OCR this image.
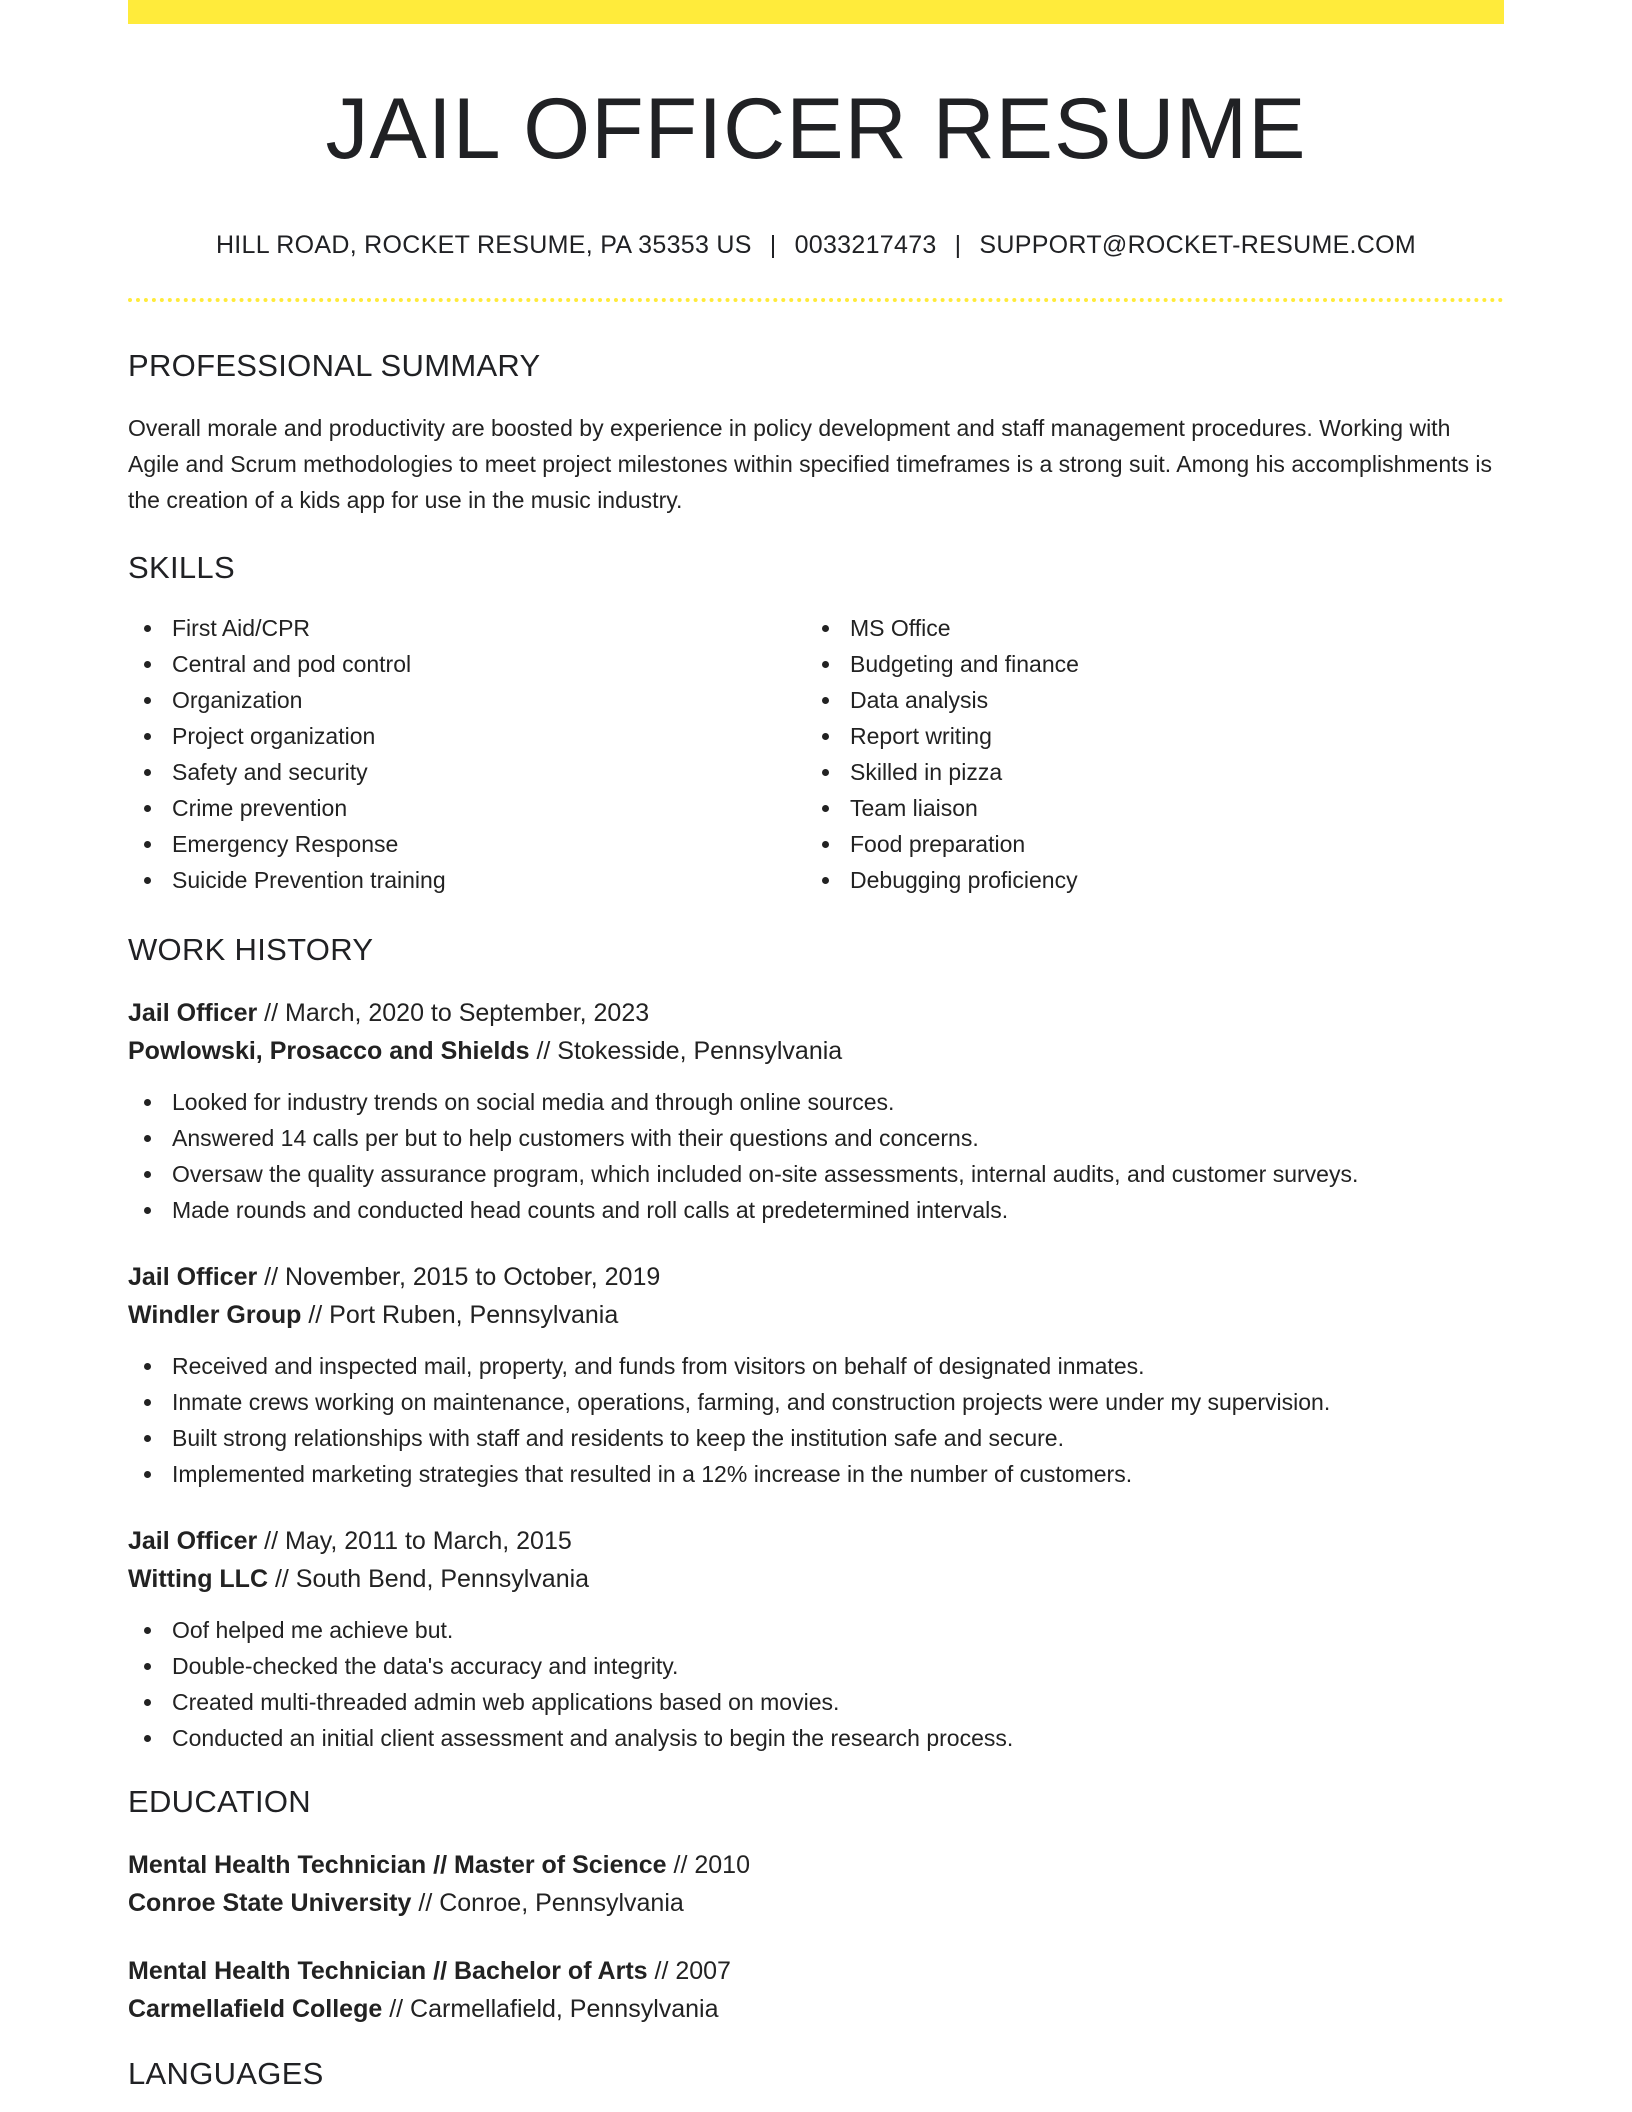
JAIL OFFICER RESUME
HILL ROAD, ROCKET RESUME, PA 35353 US | 0033217473 | SUPPORT@ROCKET-RESUME.COM
PROFESSIONAL SUMMARY
Overall morale and productivity are boosted by experience in policy development and staff management procedures. Working with Agile and Scrum methodologies to meet project milestones within specified timeframes is a strong suit. Among his accomplishments is the creation of a kids app for use in the music industry.
SKILLS
First Aid/CPR
Central and pod control
Organization
Project organization
Safety and security
Crime prevention
Emergency Response
Suicide Prevention training
MS Office
Budgeting and finance
Data analysis
Report writing
Skilled in pizza
Team liaison
Food preparation
Debugging proficiency
WORK HISTORY
Jail Officer // March, 2020 to September, 2023
Powlowski, Prosacco and Shields // Stokesside, Pennsylvania
Looked for industry trends on social media and through online sources.
Answered 14 calls per but to help customers with their questions and concerns.
Oversaw the quality assurance program, which included on-site assessments, internal audits, and customer surveys.
Made rounds and conducted head counts and roll calls at predetermined intervals.
Jail Officer // November, 2015 to October, 2019
Windler Group // Port Ruben, Pennsylvania
Received and inspected mail, property, and funds from visitors on behalf of designated inmates.
Inmate crews working on maintenance, operations, farming, and construction projects were under my supervision.
Built strong relationships with staff and residents to keep the institution safe and secure.
Implemented marketing strategies that resulted in a 12% increase in the number of customers.
Jail Officer // May, 2011 to March, 2015
Witting LLC // South Bend, Pennsylvania
Oof helped me achieve but.
Double-checked the data's accuracy and integrity.
Created multi-threaded admin web applications based on movies.
Conducted an initial client assessment and analysis to begin the research process.
EDUCATION
Mental Health Technician // Master of Science // 2010
Conroe State University // Conroe, Pennsylvania
Mental Health Technician // Bachelor of Arts // 2007
Carmellafield College // Carmellafield, Pennsylvania
LANGUAGES
